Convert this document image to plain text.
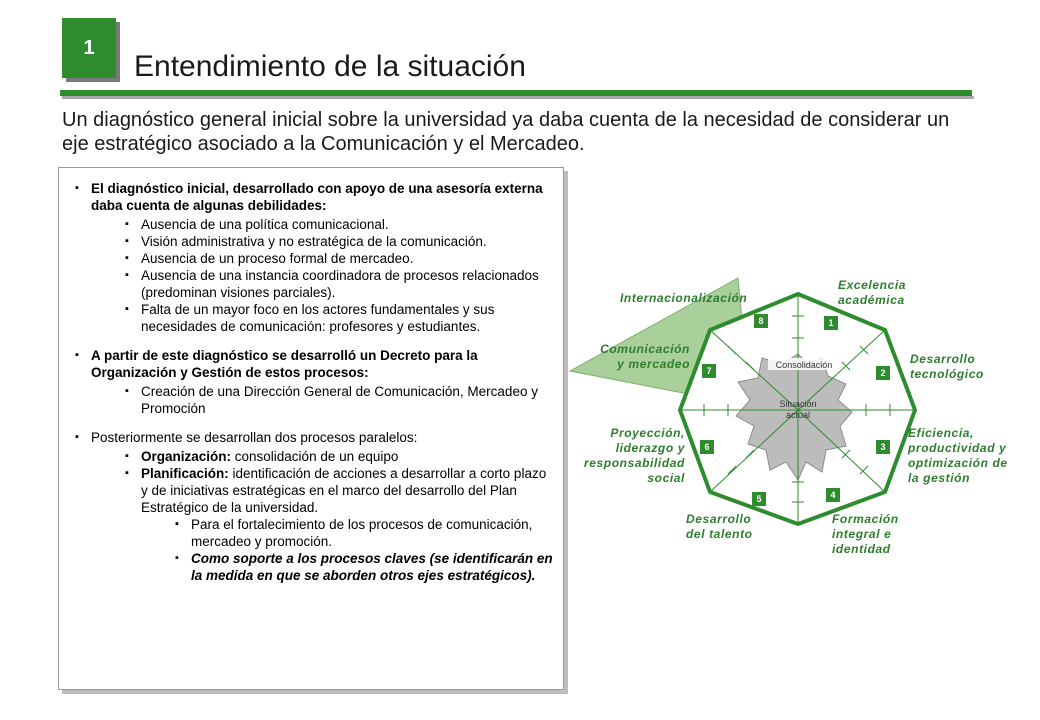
1
Entendimiento de la situación
Un diagnóstico general inicial sobre la universidad ya daba cuenta de la necesidad de considerar un eje estratégico asociado a la Comunicación y el Mercadeo.
▪ El diagnóstico inicial, desarrollado con apoyo de una asesoría externa daba cuenta de algunas debilidades:
▪ Ausencia de una política comunicacional.
▪ Visión administrativa y no estratégica de la comunicación.
▪ Ausencia de un proceso formal de mercadeo.
▪ Ausencia de una instancia coordinadora de procesos relacionados (predominan visiones parciales).
▪ Falta de un mayor foco en los actores fundamentales y sus necesidades de comunicación: profesores y estudiantes.
▪ A partir de este diagnóstico se desarrolló un Decreto para la Organización y Gestión de estos procesos:
▪ Creación de una Dirección General de Comunicación, Mercadeo y Promoción
▪ Posteriormente se desarrollan dos procesos paralelos:
▪ Organización: consolidación de un equipo
▪ Planificación: identificación de acciones a desarrollar a corto plazo y de iniciativas estratégicas en el marco del desarrollo del Plan Estratégico de la universidad.
▪ Para el fortalecimiento de los procesos de comunicación, mercadeo y promoción.
▪ Como soporte a los procesos claves (se identificarán en la medida en que se aborden otros ejes estratégicos).
Consolidación
Situación
actual
1
2
3
4
5
6
7
8
Excelencia
académica
Desarrollo
tecnológico
Eficiencia,
productividad y
optimización de
la gestión
Formación
integral e
identidad
Desarrollo
del talento
Proyección,
liderazgo y
responsabilidad
social
Comunicación
y mercadeo
Internacionalización
